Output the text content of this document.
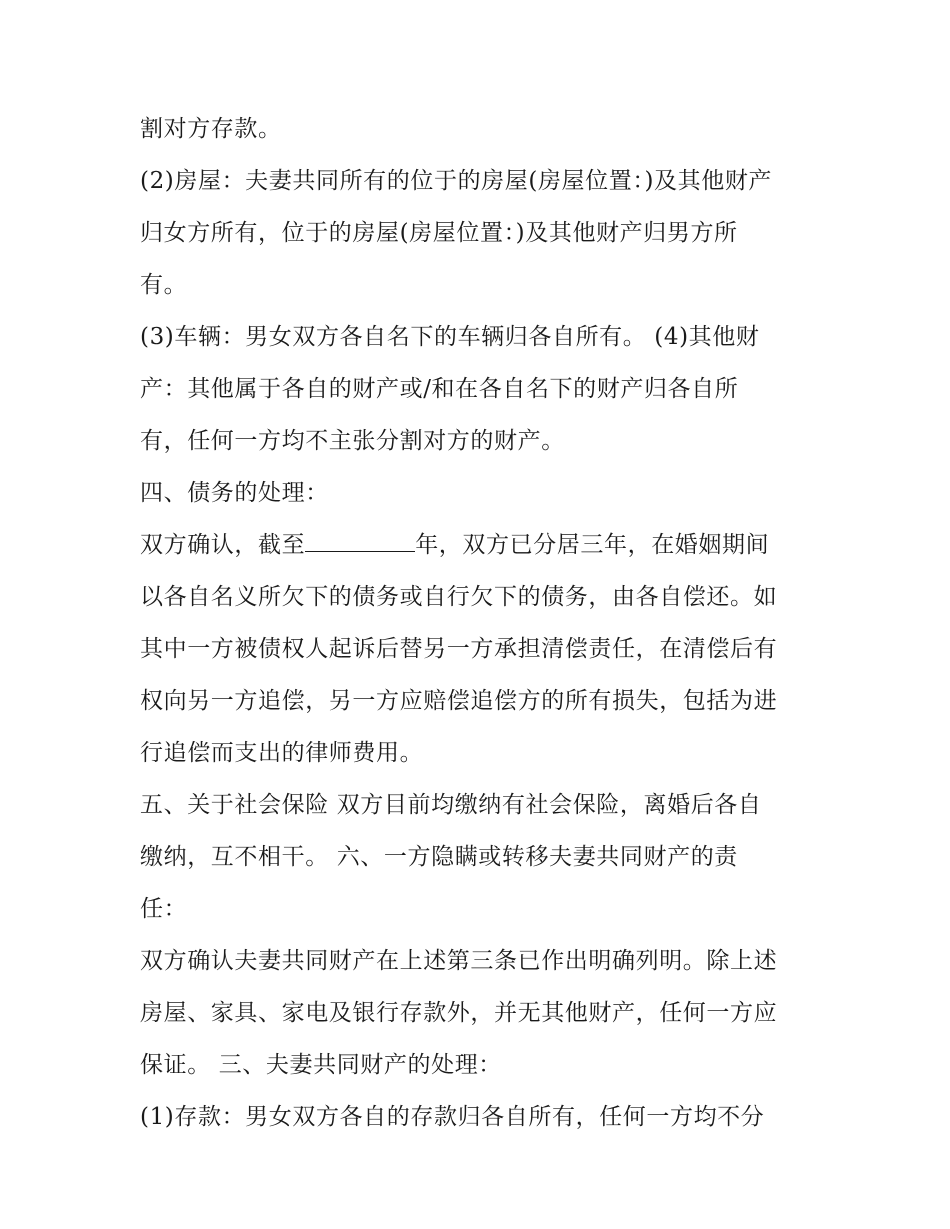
割对方存款。
(2)房屋：夫妻共同所有的位于的房屋(房屋位置：)及其他财产
归女方所有，位于的房屋(房屋位置：)及其他财产归男方所
有。
(3)车辆：男女双方各自名下的车辆归各自所有。 (4)其他财
产：其他属于各自的财产或/和在各自名下的财产归各自所
有，任何一方均不主张分割对方的财产。
四、债务的处理：
双方确认，截至	年，双方已分居三年，在婚姻期间
以各自名义所欠下的债务或自行欠下的债务，由各自偿还。如
其中一方被债权人起诉后替另一方承担清偿责任，在清偿后有
权向另一方追偿，另一方应赔偿追偿方的所有损失，包括为进
行追偿而支出的律师费用。
五、关于社会保险 双方目前均缴纳有社会保险，离婚后各自
缴纳，互不相干。 六、一方隐瞒或转移夫妻共同财产的责
任：
双方确认夫妻共同财产在上述第三条已作出明确列明。除上述
房屋、家具、家电及银行存款外，并无其他财产，任何一方应
保证。 三、夫妻共同财产的处理：
(1)存款：男女双方各自的存款归各自所有，任何一方均不分
